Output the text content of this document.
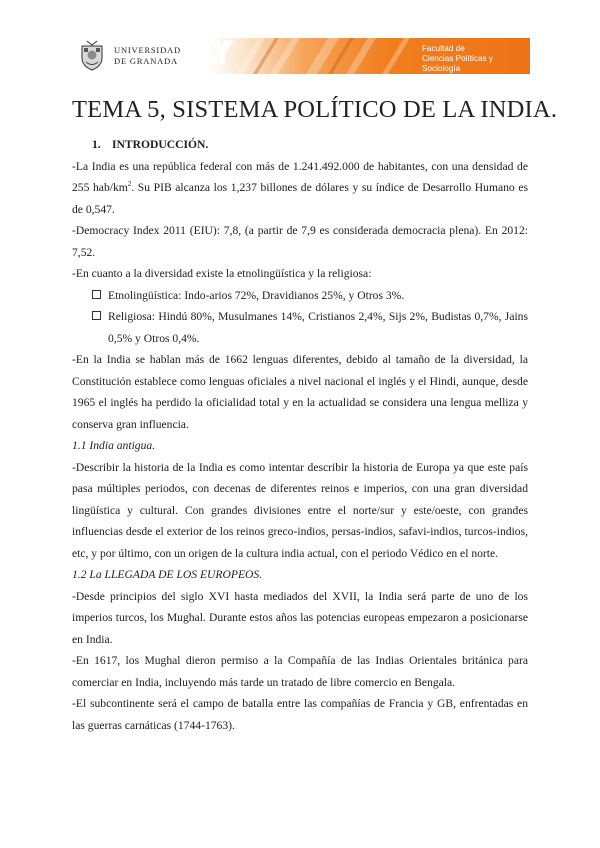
UNIVERSIDAD
DE GRANADA
Facultad de
Ciencias Políticas y Sociología
TEMA 5, SISTEMA POLÍTICO DE LA INDIA.

1. INTRODUCCIÓN.

-La India es una república federal con más de 1.241.492.000 de habitantes, con una densidad de 255 hab/$km^2$. Su PIB alcanza los 1,237 billones de dólares y su índice de Desarrollo Humano es de 0,547.

-Democracy Index 2011 (EIU): 7,8, (a partir de 7,9 es considerada democracia plena). En 2012: 7,52.

-En cuanto a la diversidad existe la etnolingüística y la religiosa:

Etnolingüística: Indo-arios 72%, Dravidianos 25%, y Otros 3%.
Religiosa: Hindú 80%, Musulmanes 14%, Cristianos 2,4%, Sijs 2%, Budistas 0,7%, Jains 0,5% y Otros 0,4%.

-En la India se hablan más de 1662 lenguas diferentes, debido al tamaño de la diversidad, la Constitución establece como lenguas oficiales a nivel nacional el inglés y el Hindi, aunque, desde 1965 el inglés ha perdido la oficialidad total y en la actualidad se considera una lengua melliza y conserva gran influencia.

1.1 India antigua.

-Describir la historia de la India es como intentar describir la historia de Europa ya que este país pasa múltiples periodos, con decenas de diferentes reinos e imperios, con una gran diversidad lingüística y cultural. Con grandes divisiones entre el norte/sur y este/oeste, con grandes influencias desde el exterior de los reinos greco-indios, persas-indios, safavi-indios, turcos-indios, etc, y por último, con un origen de la cultura india actual, con el periodo Védico en el norte.

1.2 La LLEGADA DE LOS EUROPEOS.

-Desde principios del siglo XVI hasta mediados del XVII, la India será parte de uno de los imperios turcos, los Mughal. Durante estos años las potencias europeas empezaron a posicionarse en India.

-En 1617, los Mughal dieron permiso a la Compañía de las Indias Orientales británica para comerciar en India, incluyendo más tarde un tratado de libre comercio en Bengala.

-El subcontinente será el campo de batalla entre las compañías de Francia y GB, enfrentadas en las guerras carnáticas (1744-1763).
